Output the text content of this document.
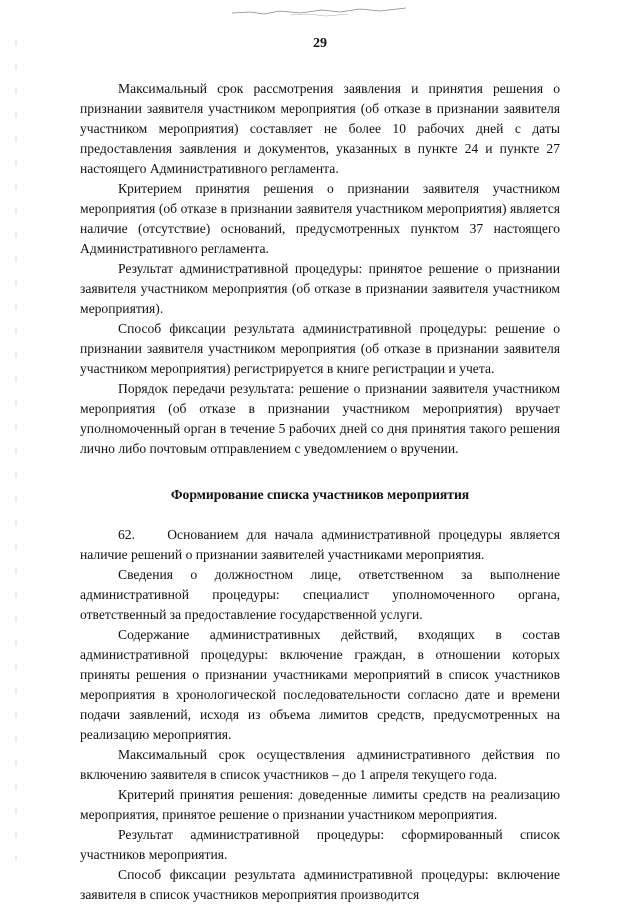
29

Максимальный срок рассмотрения заявления и принятия решения о признании заявителя участником мероприятия (об отказе в признании заявителя участником мероприятия) составляет не более 10 рабочих дней с даты предоставления заявления и документов, указанных в пункте 24 и пункте 27 настоящего Административного регламента.

Критерием принятия решения о признании заявителя участником мероприятия (об отказе в признании заявителя участником мероприятия) является наличие (отсутствие) оснований, предусмотренных пунктом 37 настоящего Административного регламента.

Результат административной процедуры: принятое решение о признании заявителя участником мероприятия (об отказе в признании заявителя участником мероприятия).

Способ фиксации результата административной процедуры: решение о признании заявителя участником мероприятия (об отказе в признании заявителя участником мероприятия) регистрируется в книге регистрации и учета.

Порядок передачи результата: решение о признании заявителя участником мероприятия (об отказе в признании участником мероприятия) вручает уполномоченный орган в течение 5 рабочих дней со дня принятия такого решения лично либо почтовым отправлением с уведомлением о вручении.

Формирование списка участников мероприятия

62. Основанием для начала административной процедуры является наличие решений о признании заявителей участниками мероприятия.

Сведения о должностном лице, ответственном за выполнение административной процедуры: специалист уполномоченного органа, ответственный за предоставление государственной услуги.

Содержание административных действий, входящих в состав административной процедуры: включение граждан, в отношении которых приняты решения о признании участниками мероприятий в список участников мероприятия в хронологической последовательности согласно дате и времени подачи заявлений, исходя из объема лимитов средств, предусмотренных на реализацию мероприятия.

Максимальный срок осуществления административного действия по включению заявителя в список участников – до 1 апреля текущего года.

Критерий принятия решения: доведенные лимиты средств на реализацию мероприятия, принятое решение о признании участником мероприятия.

Результат административной процедуры: сформированный список участников мероприятия.

Способ фиксации результата административной процедуры: включение заявителя в список участников мероприятия производится
